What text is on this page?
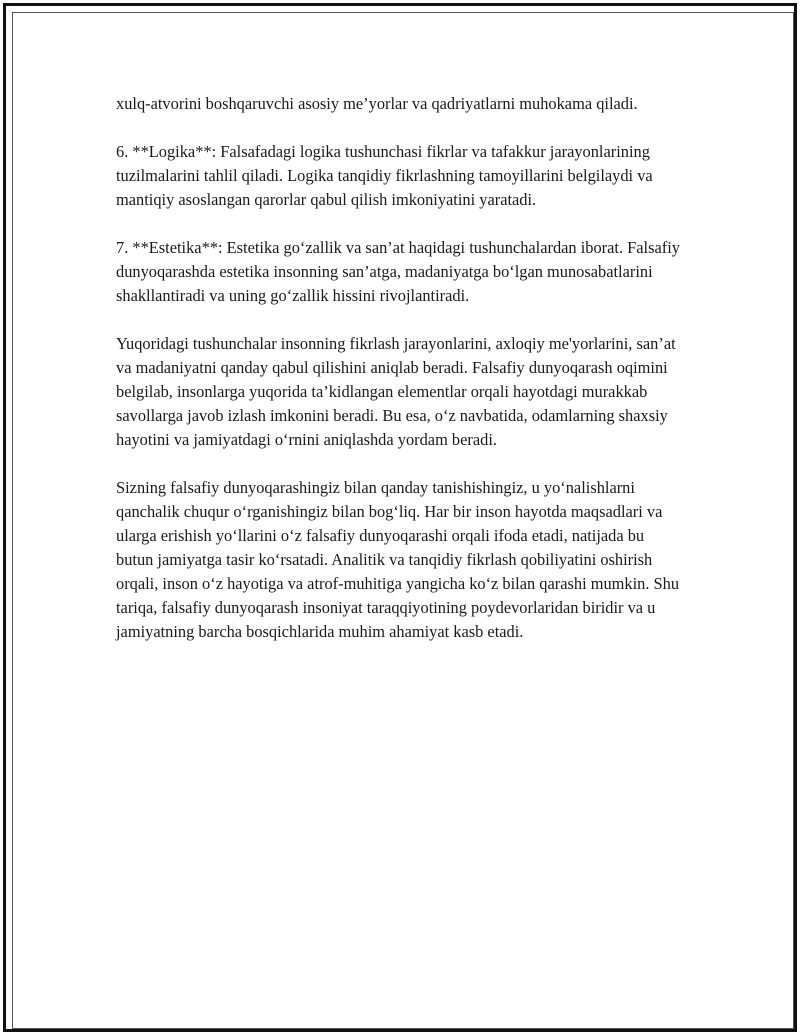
xulq-atvorini boshqaruvchi asosiy me’yorlar va qadriyatlarni muhokama qiladi.

6. **Logika**: Falsafadagi logika tushunchasi fikrlar va tafakkur jarayonlarining tuzilmalarini tahlil qiladi. Logika tanqidiy fikrlashning tamoyillarini belgilaydi va mantiqiy asoslangan qarorlar qabul qilish imkoniyatini yaratadi.

7. **Estetika**: Estetika go‘zallik va san’at haqidagi tushunchalardan iborat. Falsafiy dunyoqarashda estetika insonning san’atga, madaniyatga bo‘lgan munosabatlarini shakllantiradi va uning go‘zallik hissini rivojlantiradi.

Yuqoridagi tushunchalar insonning fikrlash jarayonlarini, axloqiy me'yorlarini, san’at va madaniyatni qanday qabul qilishini aniqlab beradi. Falsafiy dunyoqarash oqimini belgilab, insonlarga yuqorida ta’kidlangan elementlar orqali hayotdagi murakkab savollarga javob izlash imkonini beradi. Bu esa, o‘z navbatida, odamlarning shaxsiy hayotini va jamiyatdagi o‘rnini aniqlashda yordam beradi.

Sizning falsafiy dunyoqarashingiz bilan qanday tanishishingiz, u yo‘nalishlarni qanchalik chuqur o‘rganishingiz bilan bog‘liq. Har bir inson hayotda maqsadlari va ularga erishish yo‘llarini o‘z falsafiy dunyoqarashi orqali ifoda etadi, natijada bu butun jamiyatga tasir ko‘rsatadi. Analitik va tanqidiy fikrlash qobiliyatini oshirish orqali, inson o‘z hayotiga va atrof-muhitiga yangicha ko‘z bilan qarashi mumkin. Shu tariqa, falsafiy dunyoqarash insoniyat taraqqiyotining poydevorlaridan biridir va u jamiyatning barcha bosqichlarida muhim ahamiyat kasb etadi.
